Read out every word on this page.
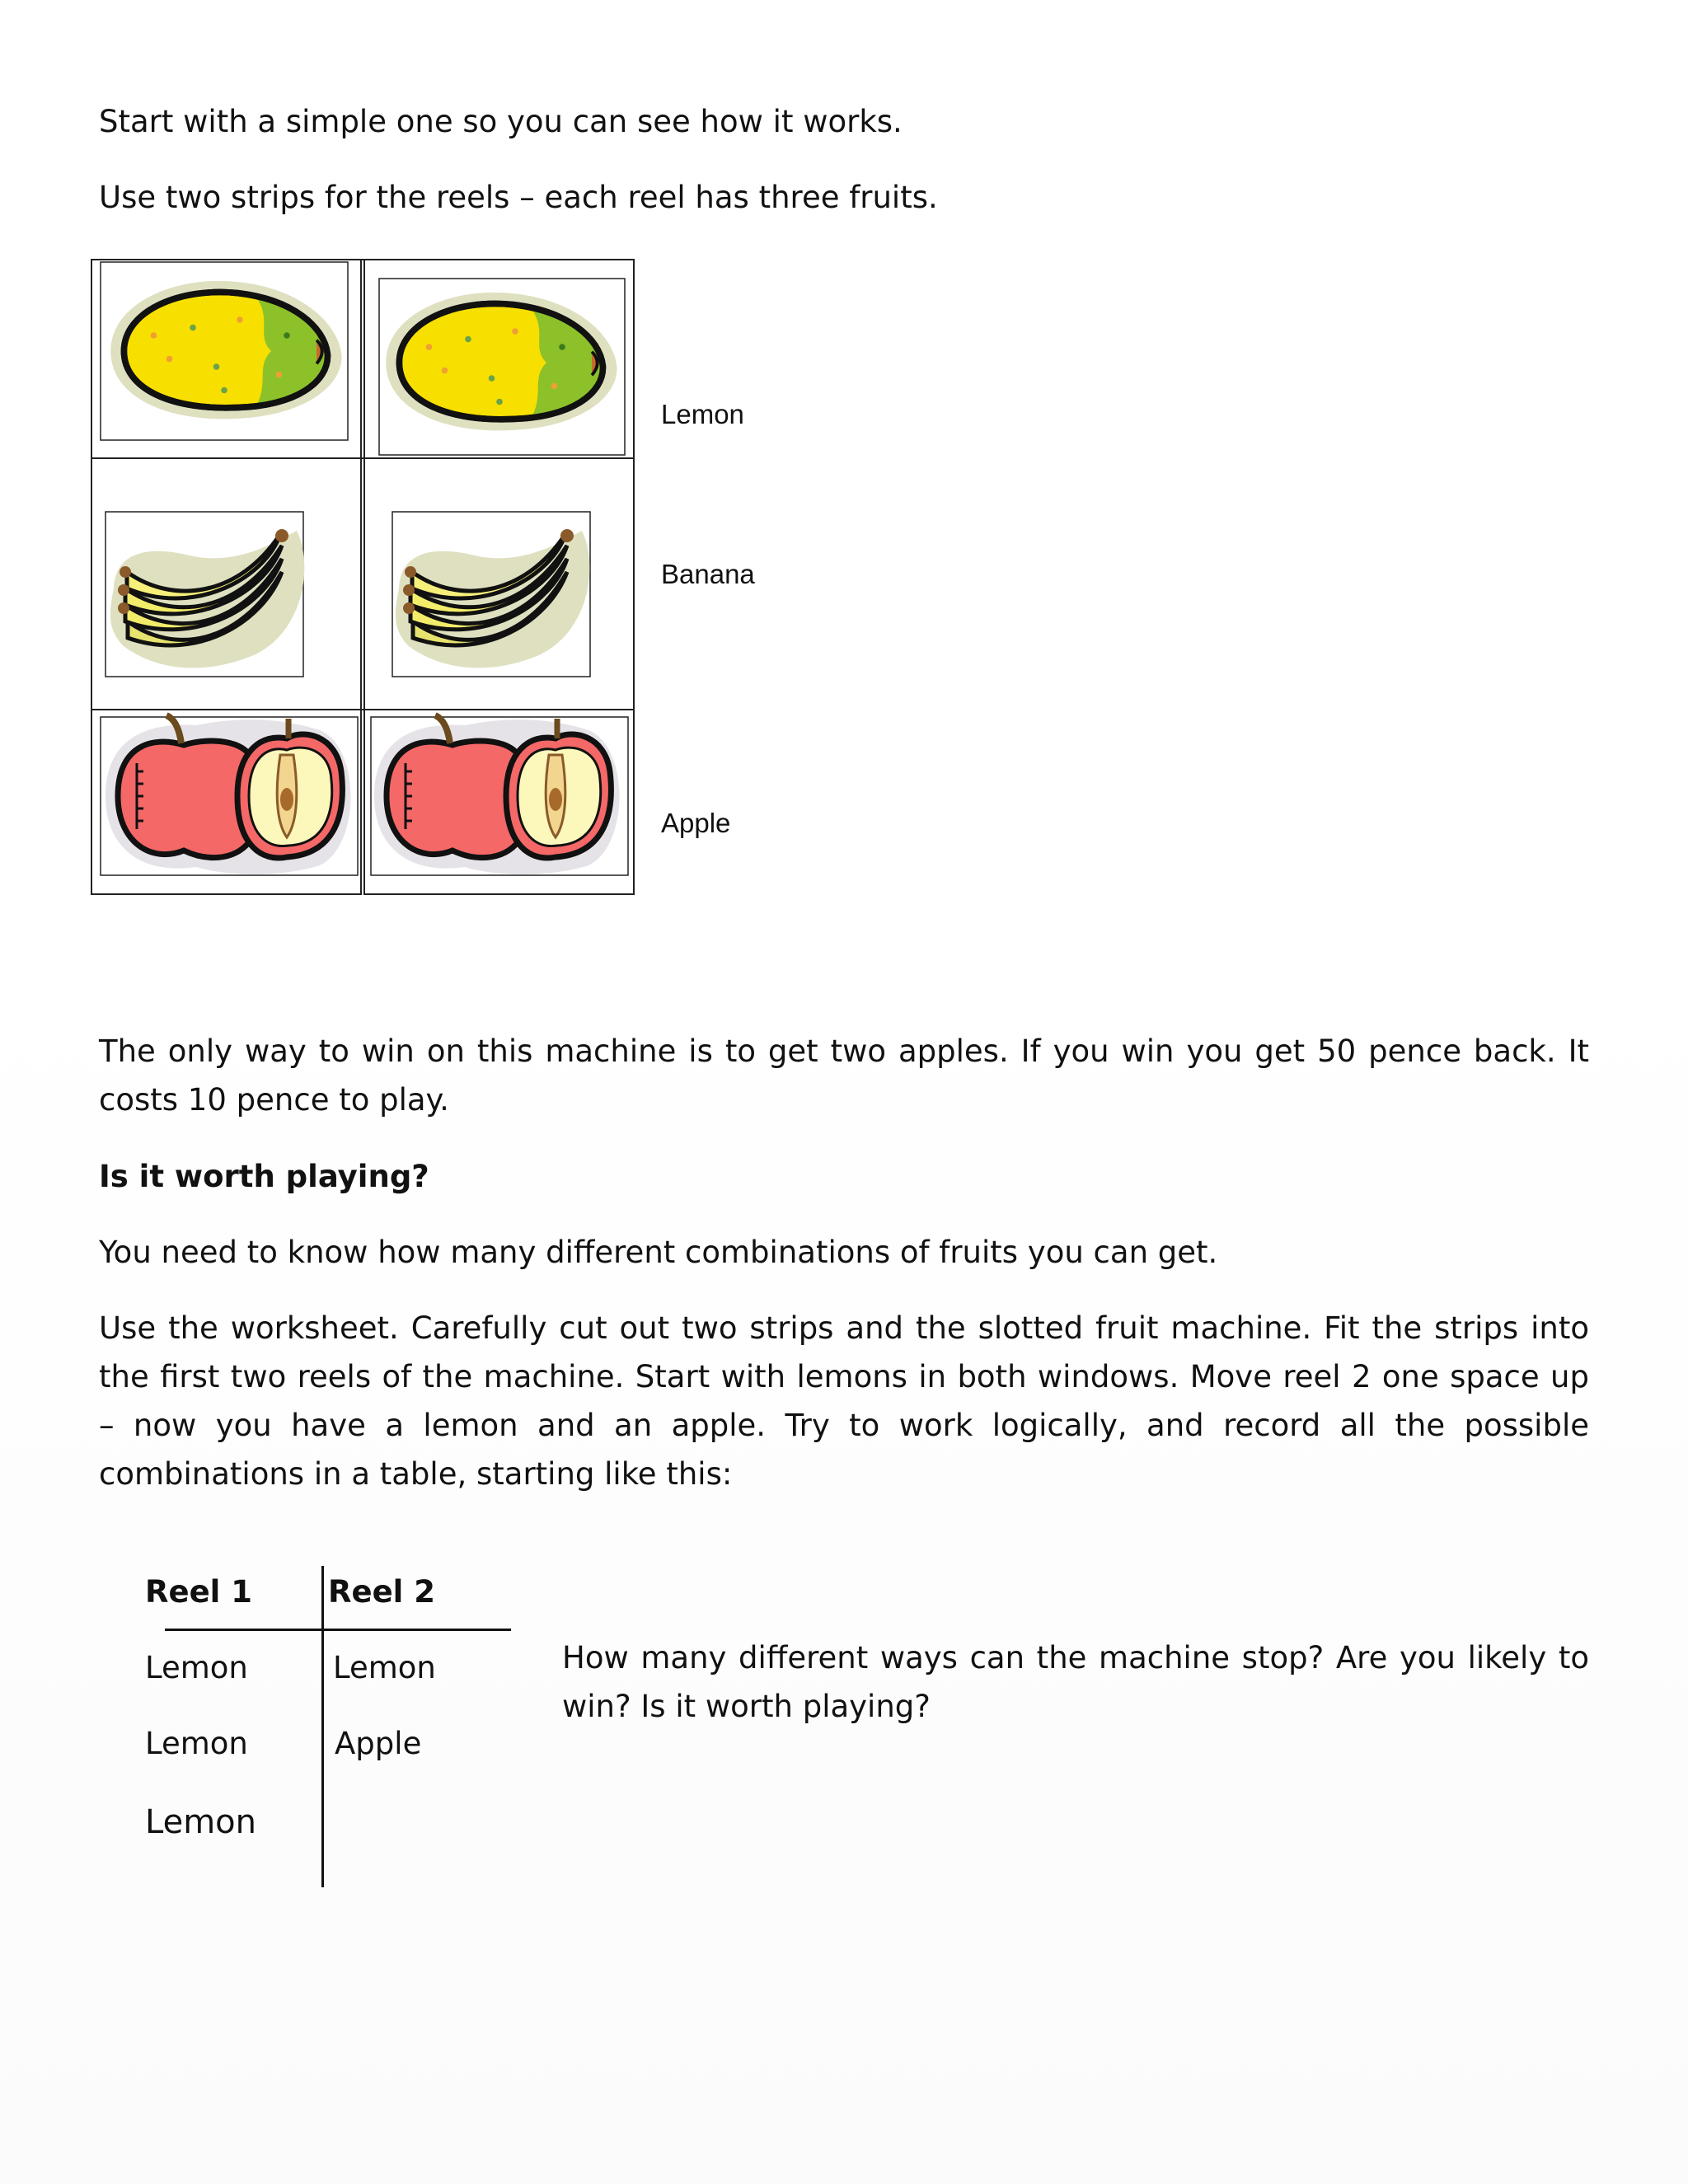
Start with a simple one so you can see how it works.

Use two strips for the reels – each reel has three fruits.

Lemon
Banana
Apple

The only way to win on this machine is to get two apples. If you win you get 50 pence back. It costs 10 pence to play.

Is it worth playing?

You need to know how many different combinations of fruits you can get.

Use the worksheet. Carefully cut out two strips and the slotted fruit machine. Fit the strips into the first two reels of the machine. Start with lemons in both windows. Move reel 2 one space up – now you have a lemon and an apple. Try to work logically, and record all the possible combinations in a table, starting like this:

Reel 1 Reel 2
Lemon	Lemon
Lemon	Apple
Lemon

How many different ways can the machine stop? Are you likely to win? Is it worth playing?
